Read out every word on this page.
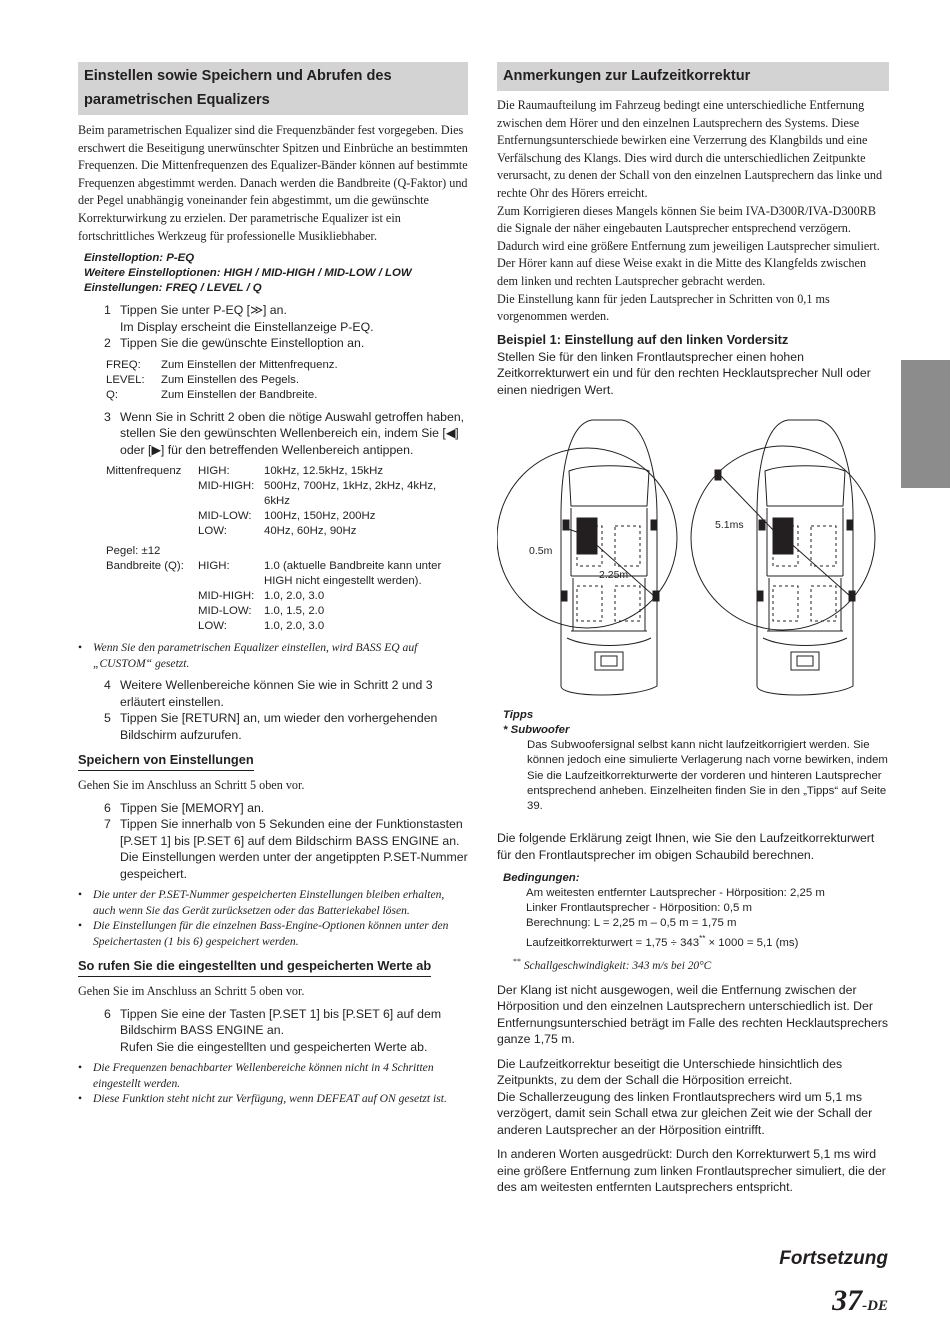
Einstellen sowie Speichern und Abrufen des
parametrischen Equalizers

Beim parametrischen Equalizer sind die Frequenzbänder fest vorgegeben. Dies erschwert die Beseitigung unerwünschter Spitzen und Einbrüche an bestimmten Frequenzen. Die Mittenfrequenzen des Equalizer-Bänder können auf bestimmte Frequenzen abgestimmt werden. Danach werden die Bandbreite (Q-Faktor) und der Pegel unabhängig voneinander fein abgestimmt, um die gewünschte Korrekturwirkung zu erzielen. Der parametrische Equalizer ist ein fortschrittliches Werkzeug für professionelle Musikliebhaber.

Einstelloption: P-EQ
Weitere Einstelloptionen: HIGH / MID-HIGH / MID-LOW / LOW
Einstellungen: FREQ / LEVEL / Q
1 Tippen Sie unter P-EQ [≫] an.
Im Display erscheint die Einstellanzeige P-EQ.
2 Tippen Sie die gewünschte Einstelloption an.
FREQ:	Zum Einstellen der Mittenfrequenz.
LEVEL:	Zum Einstellen des Pegels.
Q:	Zum Einstellen der Bandbreite.
3 Wenn Sie in Schritt 2 oben die nötige Auswahl getroffen haben, stellen Sie den gewünschten Wellenbereich ein, indem Sie [◀] oder [▶] für den betreffenden Wellenbereich antippen.
Mittenfrequenz	HIGH:	10kHz, 12.5kHz, 15kHz
MID-HIGH: 500Hz, 700Hz, 1kHz, 2kHz, 4kHz, 6kHz
MID-LOW:	100Hz, 150Hz, 200Hz
LOW:	40Hz, 60Hz, 90Hz
Pegel: ±12
Bandbreite (Q):	HIGH:	1.0 (aktuelle Bandbreite kann unter HIGH nicht eingestellt werden).
MID-HIGH: 1.0, 2.0, 3.0
MID-LOW:	1.0, 1.5, 2.0
LOW:	1.0, 2.0, 3.0
• Wenn Sie den parametrischen Equalizer einstellen, wird BASS EQ auf „CUSTOM“ gesetzt.
4 Weitere Wellenbereiche können Sie wie in Schritt 2 und 3 erläutert einstellen.
5 Tippen Sie [RETURN] an, um wieder den vorhergehenden Bildschirm aufzurufen.
Speichern von Einstellungen

Gehen Sie im Anschluss an Schritt 5 oben vor.

6 Tippen Sie [MEMORY] an.
7 Tippen Sie innerhalb von 5 Sekunden eine der Funktionstasten [P.SET 1] bis [P.SET 6] auf dem Bildschirm BASS ENGINE an.
Die Einstellungen werden unter der angetippten P.SET-Nummer gespeichert.
• Die unter der P.SET-Nummer gespeicherten Einstellungen bleiben erhalten, auch wenn Sie das Gerät zurücksetzen oder das Batteriekabel lösen.
• Die Einstellungen für die einzelnen Bass-Engine-Optionen können unter den Speichertasten (1 bis 6) gespeichert werden.
So rufen Sie die eingestellten und gespeicherten Werte ab

Gehen Sie im Anschluss an Schritt 5 oben vor.

6 Tippen Sie eine der Tasten [P.SET 1] bis [P.SET 6] auf dem Bildschirm BASS ENGINE an.
Rufen Sie die eingestellten und gespeicherten Werte ab.
• Die Frequenzen benachbarter Wellenbereiche können nicht in 4 Schritten eingestellt werden.
• Diese Funktion steht nicht zur Verfügung, wenn DEFEAT auf ON gesetzt ist.
Anmerkungen zur Laufzeitkorrektur

Die Raumaufteilung im Fahrzeug bedingt eine unterschiedliche Entfernung zwischen dem Hörer und den einzelnen Lautsprechern des Systems. Diese Entfernungsunterschiede bewirken eine Verzerrung des Klangbilds und eine Verfälschung des Klangs. Dies wird durch die unterschiedlichen Zeitpunkte verursacht, zu denen der Schall von den einzelnen Lautsprechern das linke und rechte Ohr des Hörers erreicht.

Zum Korrigieren dieses Mangels können Sie beim IVA-D300R/IVA-D300RB die Signale der näher eingebauten Lautsprecher entsprechend verzögern. Dadurch wird eine größere Entfernung zum jeweiligen Lautsprecher simuliert. Der Hörer kann auf diese Weise exakt in die Mitte des Klangfelds zwischen dem linken und rechten Lautsprecher gebracht werden.

Die Einstellung kann für jeden Lautsprecher in Schritten von 0,1 ms vorgenommen werden.

Beispiel 1: Einstellung auf den linken Vordersitz

Stellen Sie für den linken Frontlautsprecher einen hohen Zeitkorrekturwert ein und für den rechten Hecklautsprecher Null oder einen niedrigen Wert.

0.5m
2.25m
5.1ms
Tipps
* Subwoofer

Das Subwoofersignal selbst kann nicht laufzeitkorrigiert werden. Sie können jedoch eine simulierte Verlagerung nach vorne bewirken, indem Sie die Laufzeitkorrekturwerte der vorderen und hinteren Lautsprecher entsprechend anheben. Einzelheiten finden Sie in den „Tipps“ auf Seite 39.

Die folgende Erklärung zeigt Ihnen, wie Sie den Laufzeitkorrekturwert für den Frontlautsprecher im obigen Schaubild berechnen.

Bedingungen:
Am weitesten entfernter Lautsprecher - Hörposition: 2,25 m
Linker Frontlautsprecher - Hörposition: 0,5 m
Berechnung: L = 2,25 m – 0,5 m = 1,75 m
Laufzeitkorrekturwert = 1,75 ÷ 343** × 1000 = 5,1 (ms)
** Schallgeschwindigkeit: 343 m/s bei 20°C

Der Klang ist nicht ausgewogen, weil die Entfernung zwischen der Hörposition und den einzelnen Lautsprechern unterschiedlich ist. Der Entfernungsunterschied beträgt im Falle des rechten Hecklautsprechers ganze 1,75 m.

Die Laufzeitkorrektur beseitigt die Unterschiede hinsichtlich des Zeitpunkts, zu dem der Schall die Hörposition erreicht.

Die Schallerzeugung des linken Frontlautsprechers wird um 5,1 ms verzögert, damit sein Schall etwa zur gleichen Zeit wie der Schall der anderen Lautsprecher an der Hörposition eintrifft.

In anderen Worten ausgedrückt: Durch den Korrekturwert 5,1 ms wird eine größere Entfernung zum linken Frontlautsprecher simuliert, die der des am weitesten entfernten Lautsprechers entspricht.

Fortsetzung
37-DE
